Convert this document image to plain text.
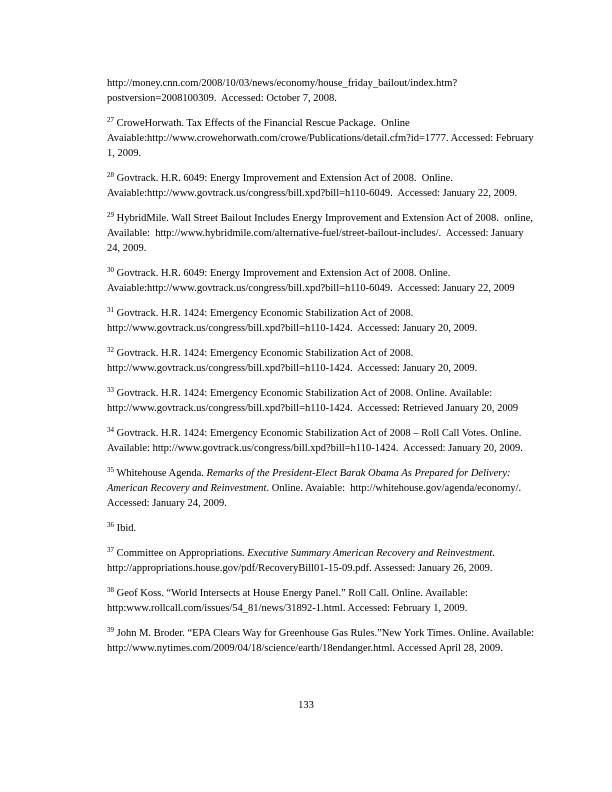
http://money.cnn.com/2008/10/03/news/economy/house_friday_bailout/index.htm?postversion=2008100309.  Accessed: October 7, 2008.

$^{27}$ CroweHorwath. Tax Effects of the Financial Rescue Package.  Online Avaiable:http://www.crowehorwath.com/crowe/Publications/detail.cfm?id=1777. Accessed: February 1, 2009.

$^{28}$ Govtrack. H.R. 6049: Energy Improvement and Extension Act of 2008.  Online. Avaiable:http://www.govtrack.us/congress/bill.xpd?bill=h110-6049.  Accessed: January 22, 2009.

$^{29}$ HybridMile. Wall Street Bailout Includes Energy Improvement and Extension Act of 2008.  online, Available:  http://www.hybridmile.com/alternative-fuel/street-bailout-includes/.  Accessed: January 24, 2009.

$^{30}$ Govtrack. H.R. 6049: Energy Improvement and Extension Act of 2008. Online. Avaiable:http://www.govtrack.us/congress/bill.xpd?bill=h110-6049.  Accessed: January 22, 2009

$^{31}$ Govtrack. H.R. 1424: Emergency Economic Stabilization Act of 2008. http://www.govtrack.us/congress/bill.xpd?bill=h110-1424.  Accessed: January 20, 2009.

$^{32}$ Govtrack. H.R. 1424: Emergency Economic Stabilization Act of 2008. http://www.govtrack.us/congress/bill.xpd?bill=h110-1424.  Accessed: January 20, 2009.

$^{33}$ Govtrack. H.R. 1424: Emergency Economic Stabilization Act of 2008. Online. Available: http://www.govtrack.us/congress/bill.xpd?bill=h110-1424.  Accessed: Retrieved January 20, 2009

$^{34}$ Govtrack. H.R. 1424: Emergency Economic Stabilization Act of 2008 – Roll Call Votes. Online. Available: http://www.govtrack.us/congress/bill.xpd?bill=h110-1424.  Accessed: January 20, 2009.

$^{35}$ Whitehouse Agenda. Remarks of the President-Elect Barak Obama As Prepared for Delivery: American Recovery and Reinvestment. Online. Avaiable:  http://whitehouse.gov/agenda/economy/. Accessed: January 24, 2009.

$^{36}$ Ibid.

$^{37}$ Committee on Appropriations. Executive Summary American Recovery and Reinvestment. http://appropriations.house.gov/pdf/RecoveryBill01-15-09.pdf. Assessed: January 26, 2009.

$^{38}$ Geof Koss. “World Intersects at House Energy Panel.” Roll Call. Online. Available: http:www.rollcall.com/issues/54_81/news/31892-1.html. Accessed: February 1, 2009.

$^{39}$ John M. Broder. “EPA Clears Way for Greenhouse Gas Rules.”New York Times. Online. Available: http://www.nytimes.com/2009/04/18/science/earth/18endanger.html. Accessed April 28, 2009.

133
